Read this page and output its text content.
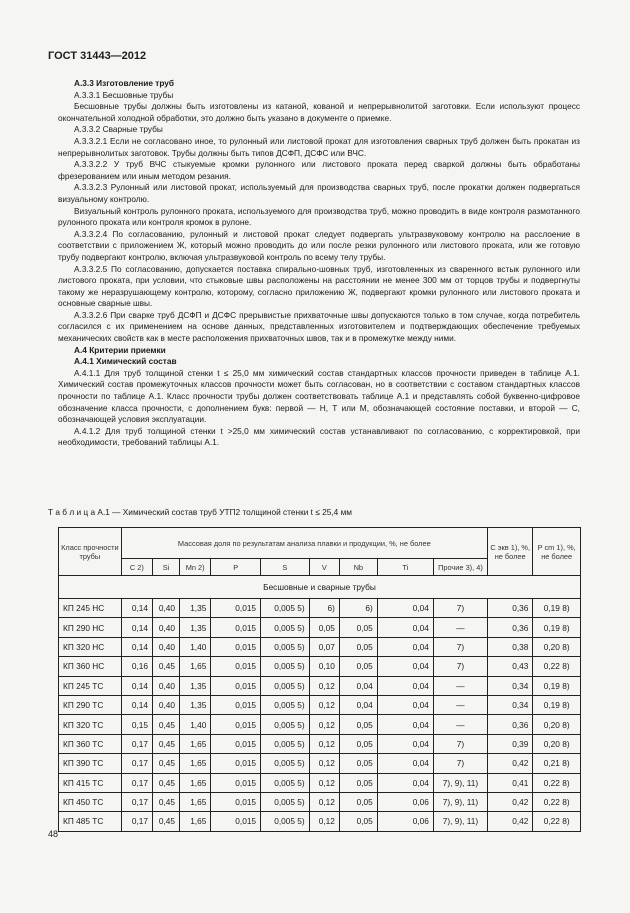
ГОСТ 31443—2012

А.3.3 Изготовление труб

А.3.3.1 Бесшовные трубы

Бесшовные трубы должны быть изготовлены из катаной, кованой и непрерывнолитой заготовки. Если используют процесс окончательной холодной обработки, это должно быть указано в документе о приемке.

А.3.3.2 Сварные трубы

А.3.3.2.1 Если не согласовано иное, то рулонный или листовой прокат для изготовления сварных труб должен быть прокатан из непрерывнолитых заготовок. Трубы должны быть типов ДСФП, ДСФС или ВЧС.

А.3.3.2.2 У труб ВЧС стыкуемые кромки рулонного или листового проката перед сваркой должны быть обработаны фрезерованием или иным методом резания.

А.3.3.2.3 Рулонный или листовой прокат, используемый для производства сварных труб, после прокатки должен подвергаться визуальному контролю.

Визуальный контроль рулонного проката, используемого для производства труб, можно проводить в виде контроля размотанного рулонного проката или контроля кромок в рулоне.

А.3.3.2.4 По согласованию, рулонный и листовой прокат следует подвергать ультразвуковому контролю на расслоение в соответствии с приложением Ж, который можно проводить до или после резки рулонного или листового проката, или же готовую трубу подвергают контролю, включая ультразвуковой контроль по всему телу трубы.

А.3.3.2.5 По согласованию, допускается поставка спирально-шовных труб, изготовленных из сваренного встык рулонного или листового проката, при условии, что стыковые швы расположены на расстоянии не менее 300 мм от торцов трубы и подвергнуты такому же неразрушающему контролю, которому, согласно приложению Ж, подвергают кромки рулонного или листового проката и основные сварные швы.

А.3.3.2.6 При сварке труб ДСФП и ДСФС прерывистые прихваточные швы допускаются только в том случае, когда потребитель согласился с их применением на основе данных, представленных изготовителем и подтверждающих обеспечение требуемых механических свойств как в месте расположения прихваточных швов, так и в промежутке между ними.

А.4 Критерии приемки

А.4.1 Химический состав

А.4.1.1 Для труб толщиной стенки t ≤ 25,0 мм химический состав стандартных классов прочности приведен в таблице А.1. Химический состав промежуточных классов прочности может быть согласован, но в соответствии с составом стандартных классов прочности по таблице А.1. Класс прочности трубы должен соответствовать таблице А.1 и представлять собой буквенно-цифровое обозначение класса прочности, с дополнением букв: первой — Н, Т или М, обозначающей состояние поставки, и второй — С, обозначающей условия эксплуатации.

А.4.1.2 Для труб толщиной стенки t >25,0 мм химический состав устанавливают по согласованию, с корректировкой, при необходимости, требований таблицы А.1.

Т а б л и ц а А.1 — Химический состав труб УТП2 толщиной стенки t ≤ 25,4 мм
Класс прочности трубы	Массовая доля по результатам анализа плавки и продукции, %, не более									C экв 1), %, не более	P cm 1), %, не более
	C 2)	Si	Mn 2)	P	S	V	Nb	Ti	Прочие 3), 4)		
Бесшовные и сварные трубы											
КП 245 НС	0,14	0,40	1,35	0,015	0,005 5)	6)	6)	0,04	7)	0,36	0,19 8)
КП 290 НС	0,14	0,40	1,35	0,015	0,005 5)	0,05	0,05	0,04	—	0,36	0,19 8)
КП 320 НС	0,14	0,40	1,40	0,015	0,005 5)	0,07	0,05	0,04	7)	0,38	0,20 8)
КП 360 НС	0,16	0,45	1,65	0,015	0,005 5)	0,10	0,05	0,04	7)	0,43	0,22 8)
КП 245 ТС	0,14	0,40	1,35	0,015	0,005 5)	0,12	0,04	0,04	—	0,34	0,19 8)
КП 290 ТС	0,14	0,40	1,35	0,015	0,005 5)	0,12	0,04	0,04	—	0,34	0,19 8)
КП 320 ТС	0,15	0,45	1,40	0,015	0,005 5)	0,12	0,05	0,04	—	0,36	0,20 8)
КП 360 ТС	0,17	0,45	1,65	0,015	0,005 5)	0,12	0,05	0,04	7)	0,39	0,20 8)
КП 390 ТС	0,17	0,45	1,65	0,015	0,005 5)	0,12	0,05	0,04	7)	0,42	0,21 8)
КП 415 ТС	0,17	0,45	1,65	0,015	0,005 5)	0,12	0,05	0,04	7), 9), 11)	0,41	0,22 8)
КП 450 ТС	0,17	0,45	1,65	0,015	0,005 5)	0,12	0,05	0,06	7), 9), 11)	0,42	0,22 8)
КП 485 ТС	0,17	0,45	1,65	0,015	0,005 5)	0,12	0,05	0,06	7), 9), 11)	0,42	0,22 8)
48
